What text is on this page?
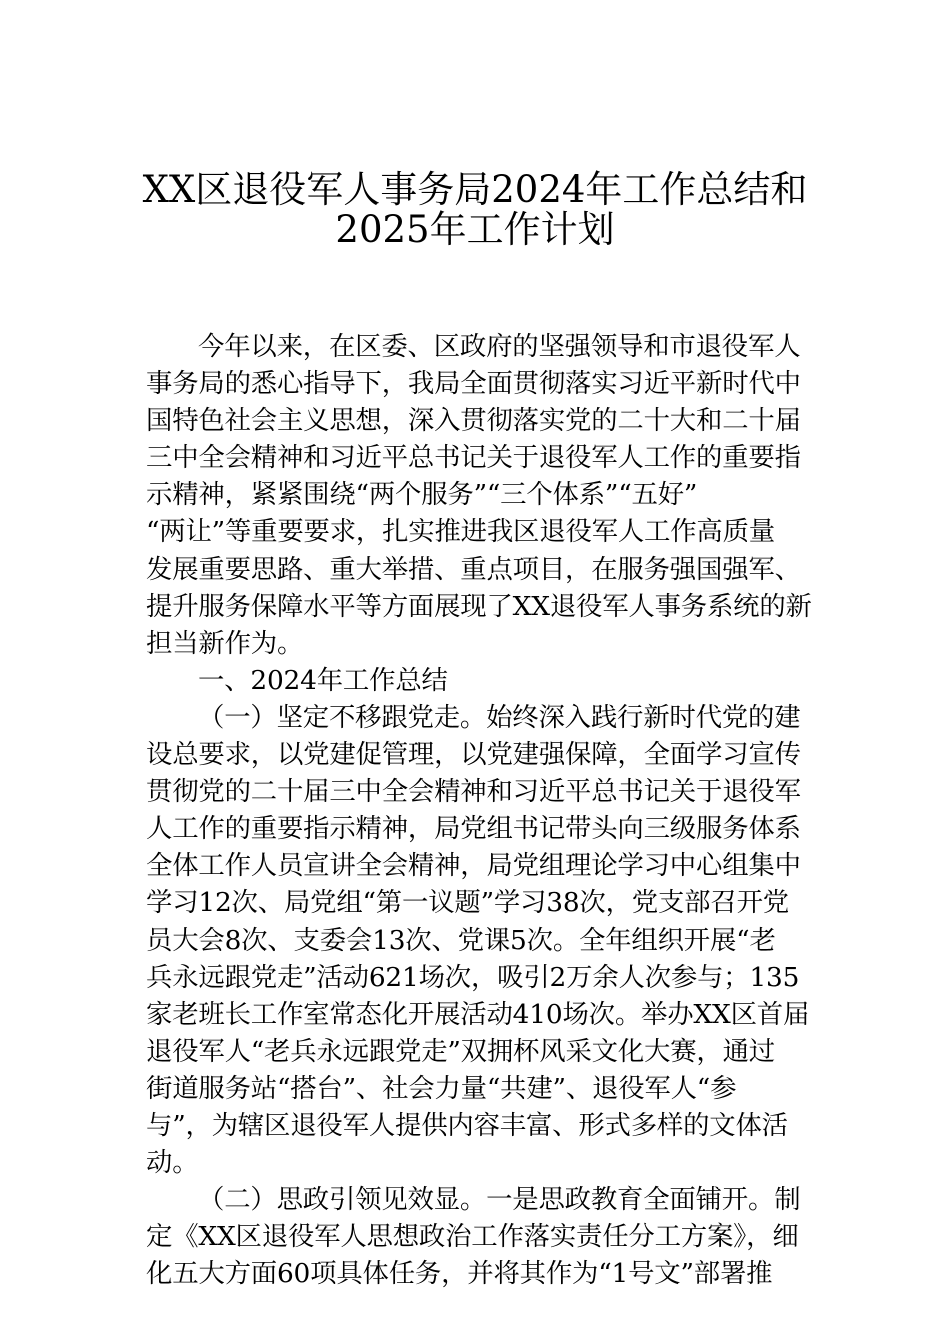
XX区退役军人事务局2024年工作总结和
2025年工作计划
今年以来，在区委、区政府的坚强领导和市退役军人
事务局的悉心指导下，我局全面贯彻落实习近平新时代中
国特色社会主义思想，深入贯彻落实党的二十大和二十届
三中全会精神和习近平总书记关于退役军人工作的重要指
示精神，紧紧围绕“两个服务”“三个体系”“五好”
“两让”等重要要求，扎实推进我区退役军人工作高质量
发展重要思路、重大举措、重点项目，在服务强国强军、
提升服务保障水平等方面展现了XX退役军人事务系统的新
担当新作为。
一、2024年工作总结
（一）坚定不移跟党走。始终深入践行新时代党的建
设总要求，以党建促管理，以党建强保障，全面学习宣传
贯彻党的二十届三中全会精神和习近平总书记关于退役军
人工作的重要指示精神，局党组书记带头向三级服务体系
全体工作人员宣讲全会精神，局党组理论学习中心组集中
学习12次、局党组“第一议题”学习38次，党支部召开党
员大会8次、支委会13次、党课5次。全年组织开展“老
兵永远跟党走”活动621场次，吸引2万余人次参与；135
家老班长工作室常态化开展活动410场次。举办XX区首届
退役军人“老兵永远跟党走”双拥杯风采文化大赛，通过
街道服务站“搭台”、社会力量“共建”、退役军人“参
与”，为辖区退役军人提供内容丰富、形式多样的文体活
动。
（二）思政引领见效显。一是思政教育全面铺开。制
定《XX区退役军人思想政治工作落实责任分工方案》，细
化五大方面60项具体任务，并将其作为“1号文”部署推
